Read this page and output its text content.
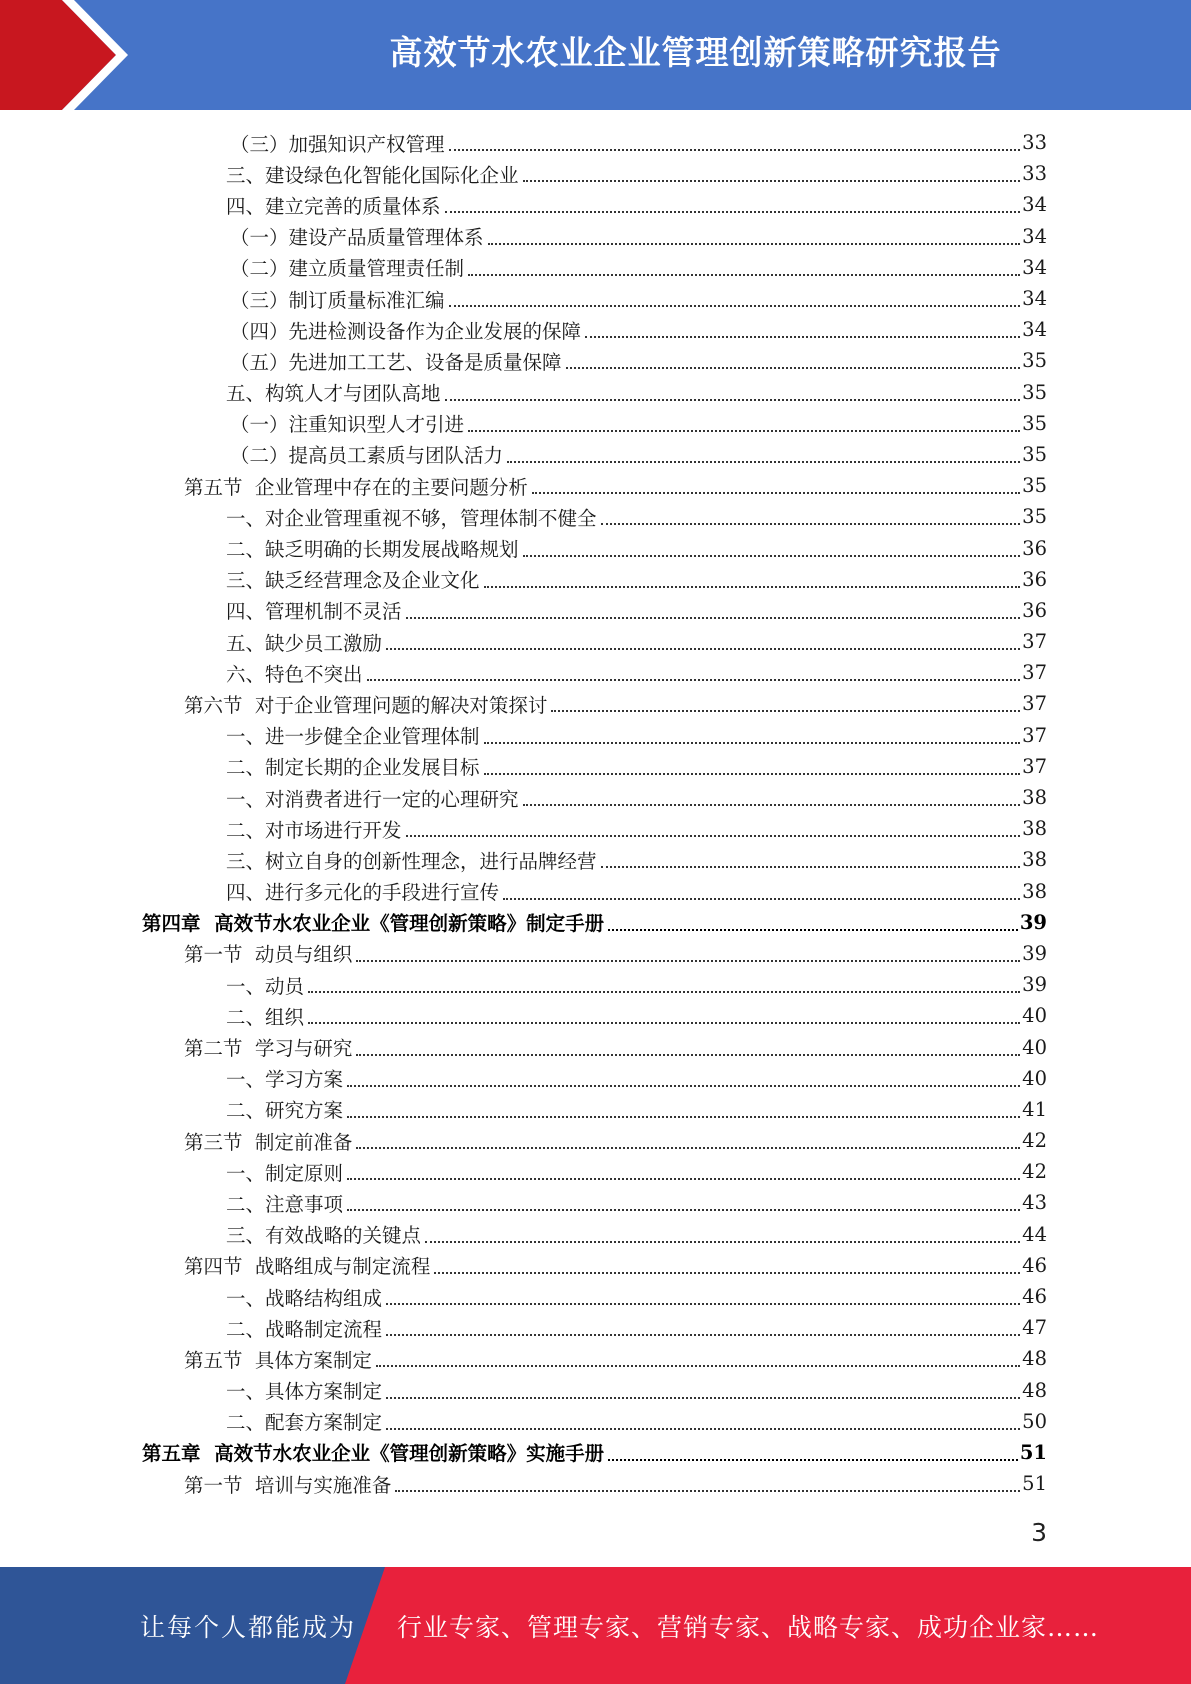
高效节水农业企业管理创新策略研究报告
（三）加强知识产权管理	33
三、建设绿色化智能化国际化企业	33
四、建立完善的质量体系	34
（一）建设产品质量管理体系	34
（二）建立质量管理责任制	34
（三）制订质量标准汇编	34
（四）先进检测设备作为企业发展的保障	34
（五）先进加工工艺、设备是质量保障	35
五、构筑人才与团队高地	35
（一）注重知识型人才引进	35
（二）提高员工素质与团队活力	35
第五节  企业管理中存在的主要问题分析	35
一、对企业管理重视不够，管理体制不健全	35
二、缺乏明确的长期发展战略规划	36
三、缺乏经营理念及企业文化	36
四、管理机制不灵活	36
五、缺少员工激励	37
六、特色不突出	37
第六节  对于企业管理问题的解决对策探讨	37
一、进一步健全企业管理体制	37
二、制定长期的企业发展目标	37
一、对消费者进行一定的心理研究	38
二、对市场进行开发	38
三、树立自身的创新性理念，进行品牌经营	38
四、进行多元化的手段进行宣传	38
第四章  高效节水农业企业《管理创新策略》制定手册	39
第一节  动员与组织	39
一、动员	39
二、组织	40
第二节  学习与研究	40
一、学习方案	40
二、研究方案	41
第三节  制定前准备	42
一、制定原则	42
二、注意事项	43
三、有效战略的关键点	44
第四节  战略组成与制定流程	46
一、战略结构组成	46
二、战略制定流程	47
第五节  具体方案制定	48
一、具体方案制定	48
二、配套方案制定	50
第五章  高效节水农业企业《管理创新策略》实施手册	51
第一节  培训与实施准备	51
3
让每个人都能成为 行业专家、管理专家、营销专家、战略专家、成功企业家……
